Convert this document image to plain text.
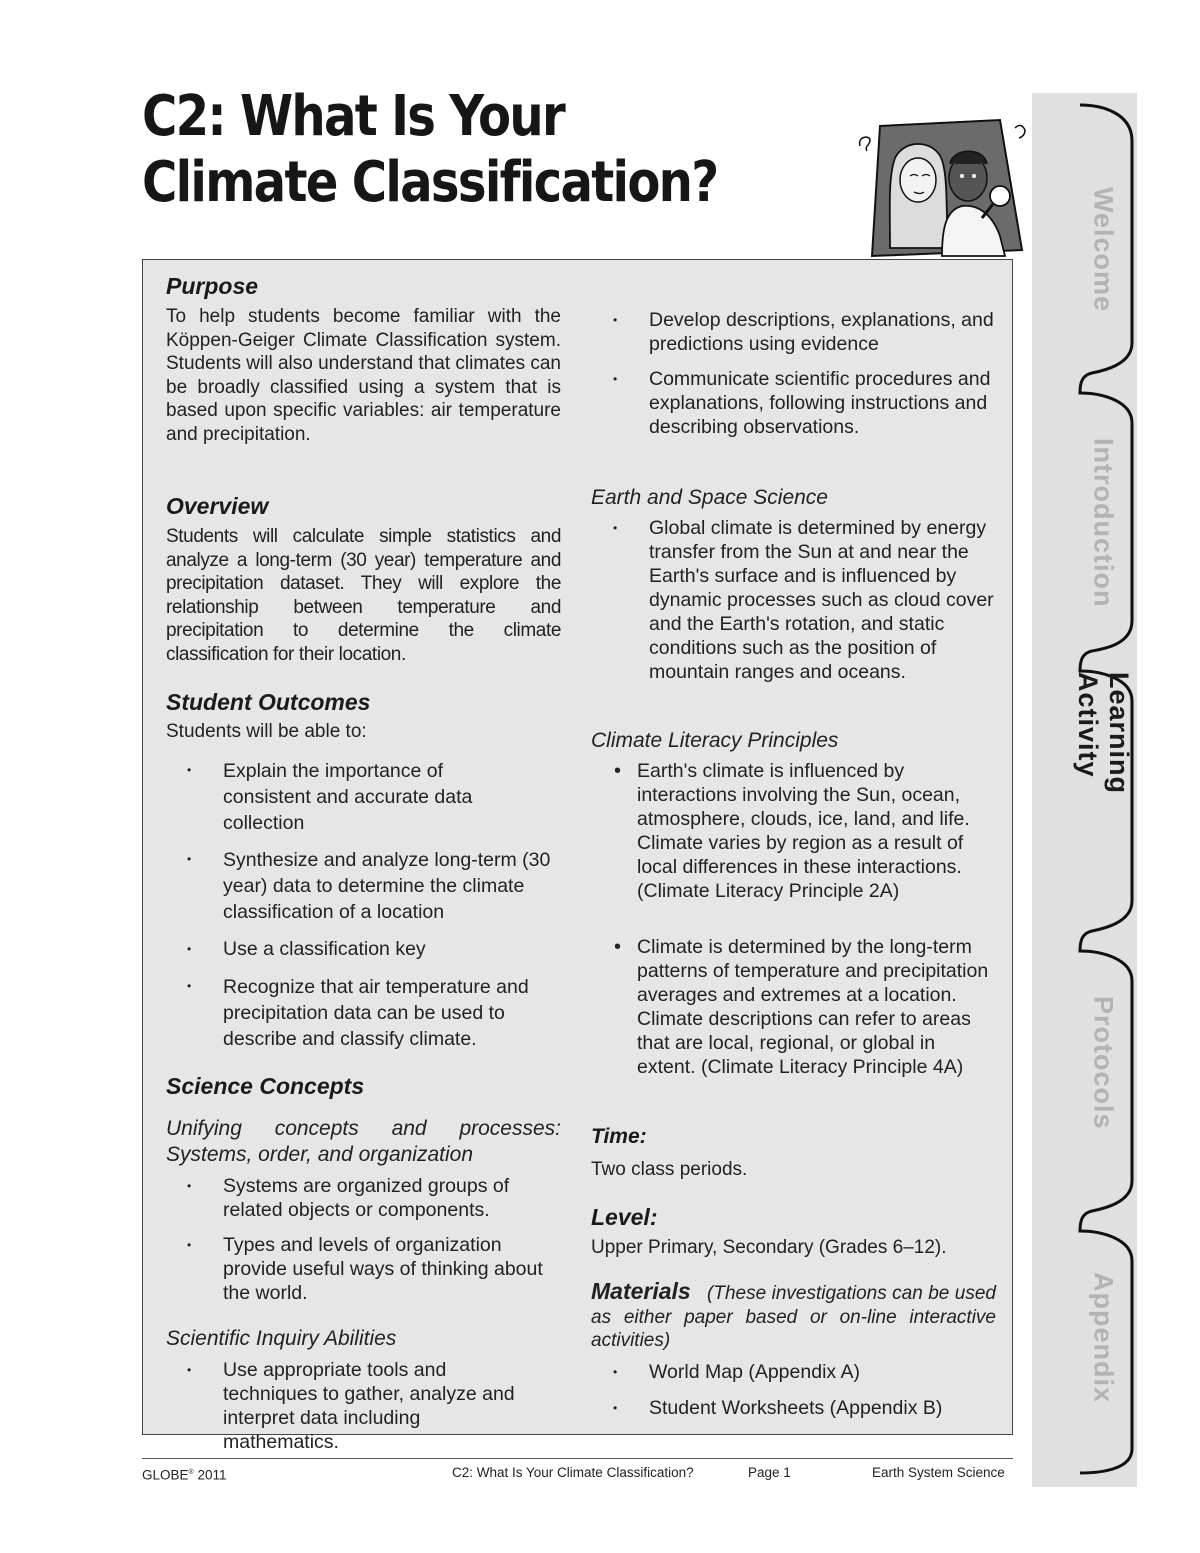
C2: What Is Your
Climate Classification?
Purpose
To help students become familiar with the Köppen-Geiger Climate Classification system. Students will also understand that climates can be broadly classified using a system that is based upon specific variables: air temperature and precipitation.
Overview
Students will calculate simple statistics and analyze a long-term (30 year) temperature and precipitation dataset. They will explore the relationship between temperature and precipitation to determine the climate classification for their location.
Student Outcomes
Students will be able to:
• Explain the importance of consistent and accurate data collection
• Synthesize and analyze long-term (30 year) data to determine the climate classification of a location
• Use a classification key
• Recognize that air temperature and precipitation data can be used to describe and classify climate.
Science Concepts
Unifying concepts and processes: Systems, order, and organization
• Systems are organized groups of related objects or components.
• Types and levels of organization provide useful ways of thinking about the world.
Scientific Inquiry Abilities
• Use appropriate tools and techniques to gather, analyze and interpret data including mathematics.
• Develop descriptions, explanations, and predictions using evidence
• Communicate scientific procedures and explanations, following instructions and describing observations.
Earth and Space Science
• Global climate is determined by energy transfer from the Sun at and near the Earth's surface and is influenced by dynamic processes such as cloud cover and the Earth's rotation, and static conditions such as the position of mountain ranges and oceans.
Climate Literacy Principles
• Earth's climate is influenced by interactions involving the Sun, ocean, atmosphere, clouds, ice, land, and life. Climate varies by region as a result of local differences in these interactions. (Climate Literacy Principle 2A)
• Climate is determined by the long-term patterns of temperature and precipitation averages and extremes at a location. Climate descriptions can refer to areas that are local, regional, or global in extent. (Climate Literacy Principle 4A)
Time:
Two class periods.
Level:
Upper Primary, Secondary (Grades 6–12).
Materials (These investigations can be used as either paper based or on-line interactive activities)
• World Map (Appendix A)
• Student Worksheets (Appendix B)
GLOBE® 2011	C2: What Is Your Climate Classification?	Page 1	Earth System Science
Welcome
Introduction
Learning Activity
Protocols
Appendix
